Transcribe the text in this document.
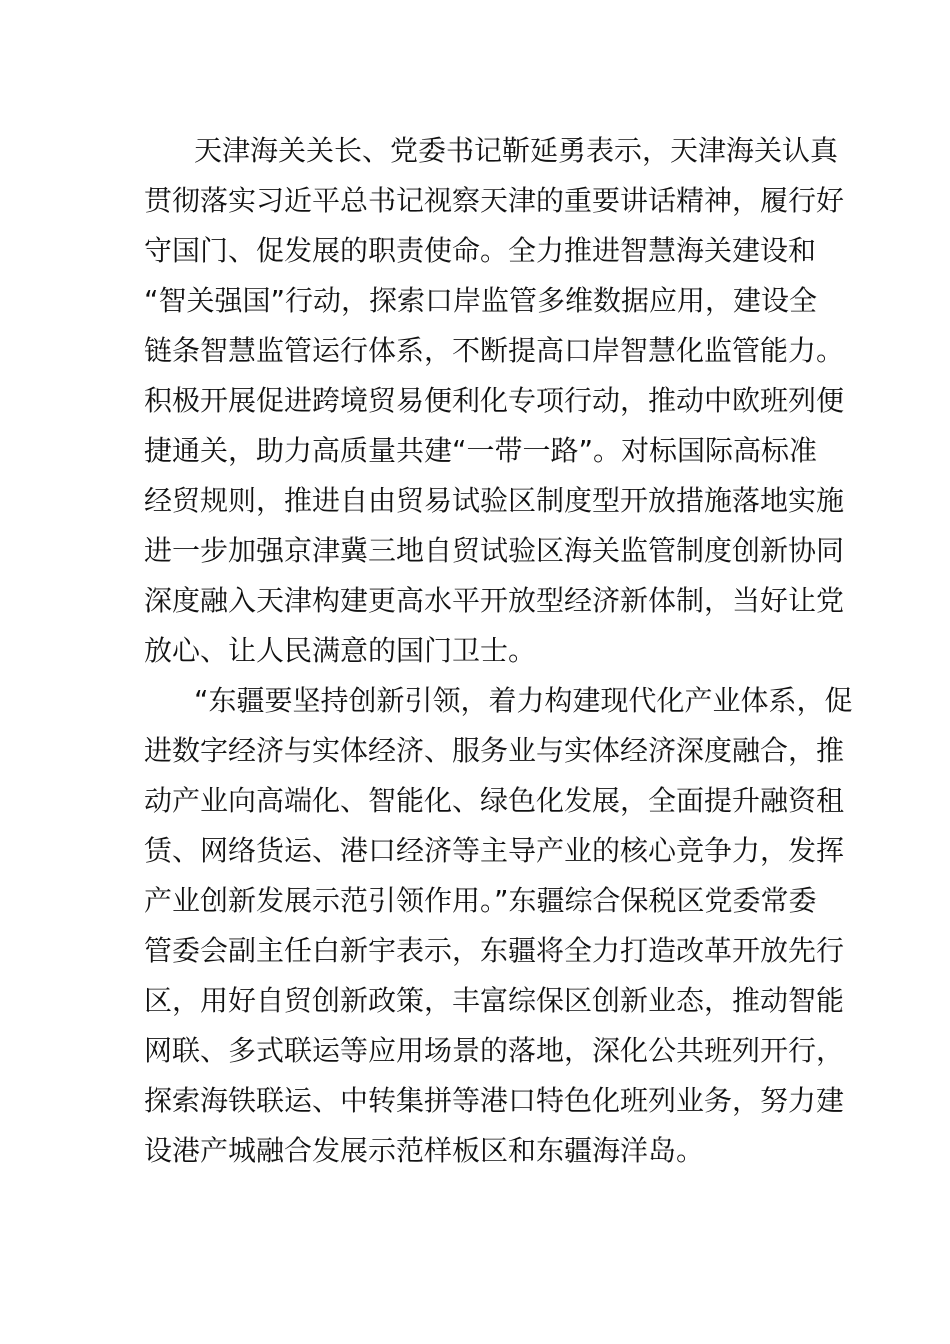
天津海关关长、党委书记靳延勇表示，天津海关认真
贯彻落实习近平总书记视察天津的重要讲话精神，履行好
守国门、促发展的职责使命。全力推进智慧海关建设和
“智关强国”行动，探索口岸监管多维数据应用，建设全
链条智慧监管运行体系，不断提高口岸智慧化监管能力。
积极开展促进跨境贸易便利化专项行动，推动中欧班列便
捷通关，助力高质量共建“一带一路”。对标国际高标准
经贸规则，推进自由贸易试验区制度型开放措施落地实施
进一步加强京津冀三地自贸试验区海关监管制度创新协同
深度融入天津构建更高水平开放型经济新体制，当好让党
放心、让人民满意的国门卫士。
“东疆要坚持创新引领，着力构建现代化产业体系，促
进数字经济与实体经济、服务业与实体经济深度融合，推
动产业向高端化、智能化、绿色化发展，全面提升融资租
赁、网络货运、港口经济等主导产业的核心竞争力，发挥
产业创新发展示范引领作用。”东疆综合保税区党委常委
管委会副主任白新宇表示，东疆将全力打造改革开放先行
区，用好自贸创新政策，丰富综保区创新业态，推动智能
网联、多式联运等应用场景的落地，深化公共班列开行，
探索海铁联运、中转集拼等港口特色化班列业务，努力建
设港产城融合发展示范样板区和东疆海洋岛。
